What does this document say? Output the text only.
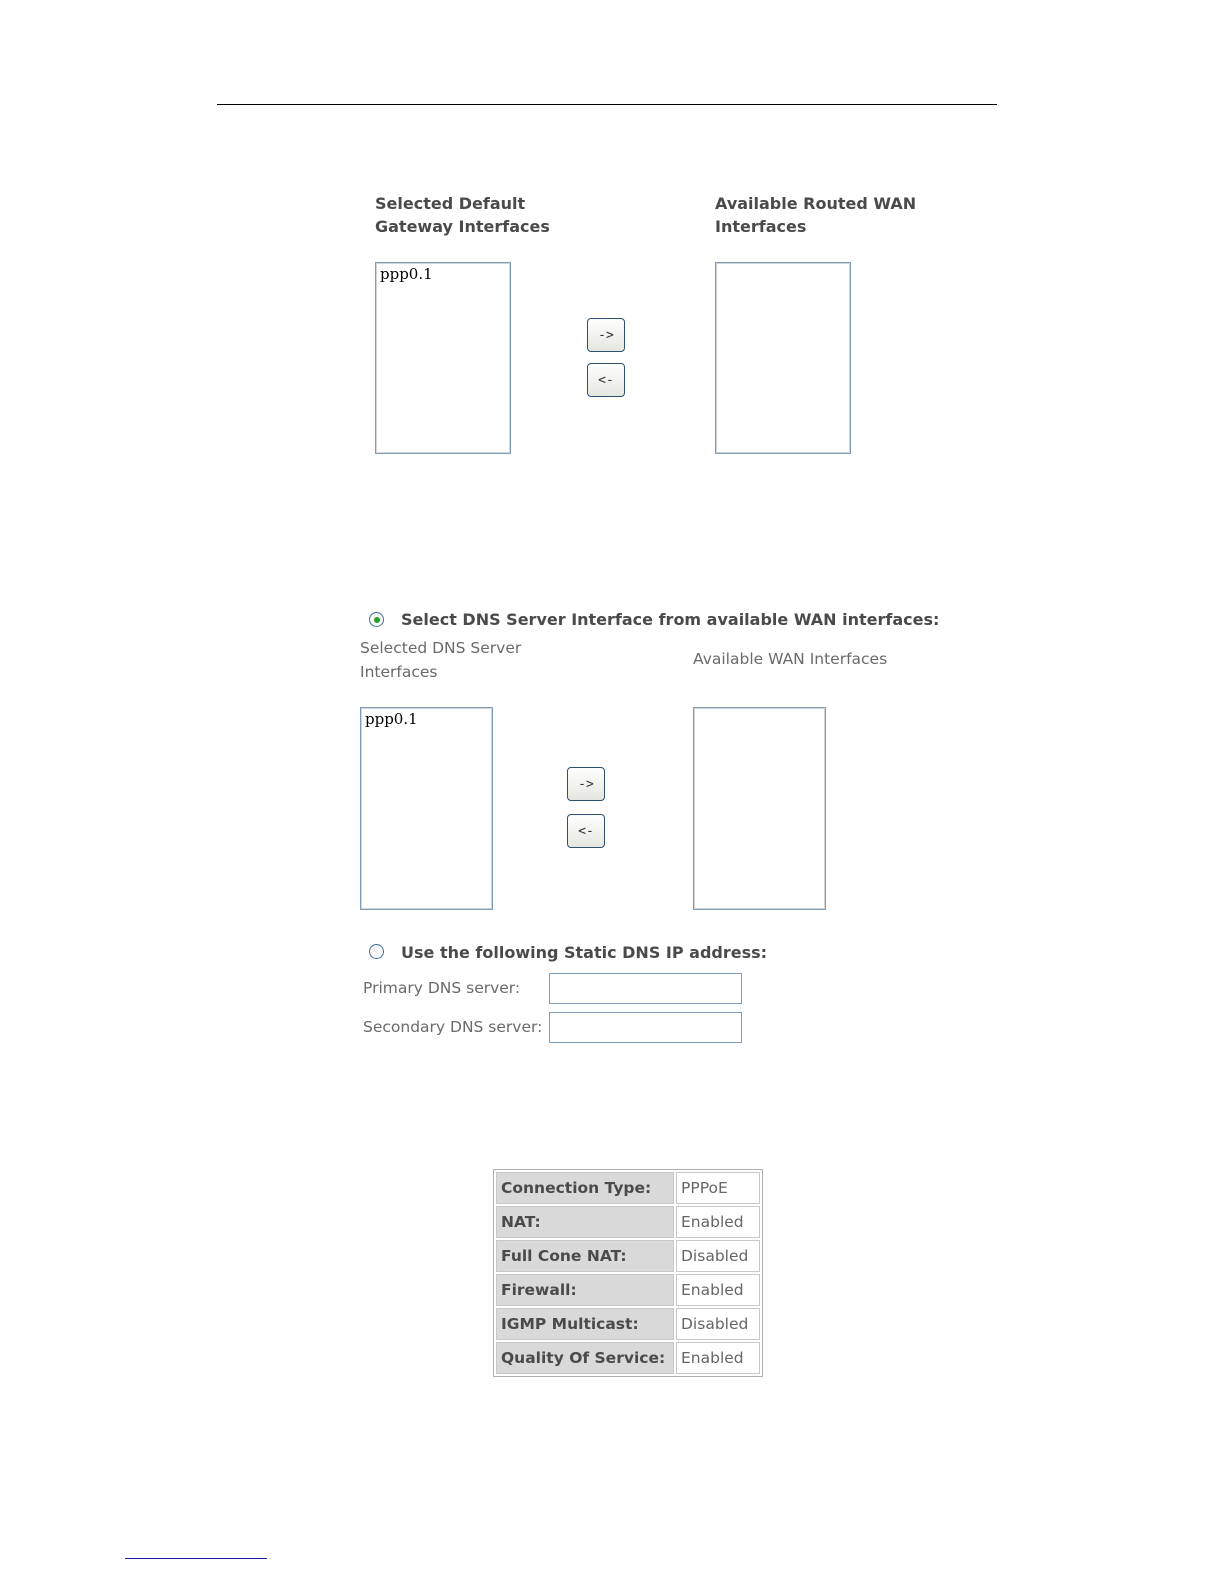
Selected Default
Gateway Interfaces
Available Routed WAN
Interfaces
ppp0.1
->
<-
Select DNS Server Interface from available WAN interfaces:
Selected DNS Server
Interfaces
Available WAN Interfaces
ppp0.1
->
<-
Use the following Static DNS IP address:
Primary DNS server:
Secondary DNS server:
Connection Type:	PPPoE
NAT:	Enabled
Full Cone NAT:	Disabled
Firewall:	Enabled
IGMP Multicast:	Disabled
Quality Of Service:	Enabled
